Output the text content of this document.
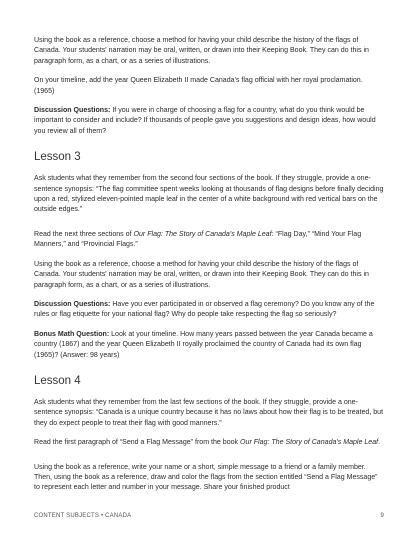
Using the book as a reference, choose a method for having your child describe the history of the flags of Canada. Your students' narration may be oral, written, or drawn into their Keeping Book. They can do this in paragraph form, as a chart, or as a series of illustrations.

On your timeline, add the year Queen Elizabeth II made Canada's flag official with her royal proclamation. (1965)

Discussion Questions: If you were in charge of choosing a flag for a country, what do you think would be important to consider and include? If thousands of people gave you suggestions and design ideas, how would you review all of them?

Lesson 3

Ask students what they remember from the second four sections of the book. If they struggle, provide a one-sentence synopsis: “The flag committee spent weeks looking at thousands of flag designs before finally deciding upon a red, stylized eleven-pointed maple leaf in the center of a white background with red vertical bars on the outside edges.”

Read the next three sections of Our Flag: The Story of Canada's Maple Leaf: “Flag Day,” “Mind Your Flag Manners,” and “Provincial Flags.”

Using the book as a reference, choose a method for having your child describe the history of the flags of Canada. Your students' narration may be oral, written, or drawn into their Keeping Book. They can do this in paragraph form, as a chart, or as a series of illustrations.

Discussion Questions: Have you ever participated in or observed a flag ceremony? Do you know any of the rules or flag etiquette for your national flag? Why do people take respecting the flag so seriously?

Bonus Math Question: Look at your timeline. How many years passed between the year Canada became a country (1867) and the year Queen Elizabeth II royally proclaimed the country of Canada had its own flag (1965)? (Answer: 98 years)

Lesson 4

Ask students what they remember from the last few sections of the book. If they struggle, provide a one-sentence synopsis: “Canada is a unique country because it has no laws about how their flag is to be treated, but they do expect people to treat their flag with good manners.”

Read the first paragraph of “Send a Flag Message” from the book Our Flag: The Story of Canada's Maple Leaf.

Using the book as a reference, write your name or a short, simple message to a friend or a family member. Then, using the book as a reference, draw and color the flags from the section entitled “Send a Flag Message” to represent each letter and number in your message. Share your finished product

CONTENT SUBJECTS • CANADA	9
